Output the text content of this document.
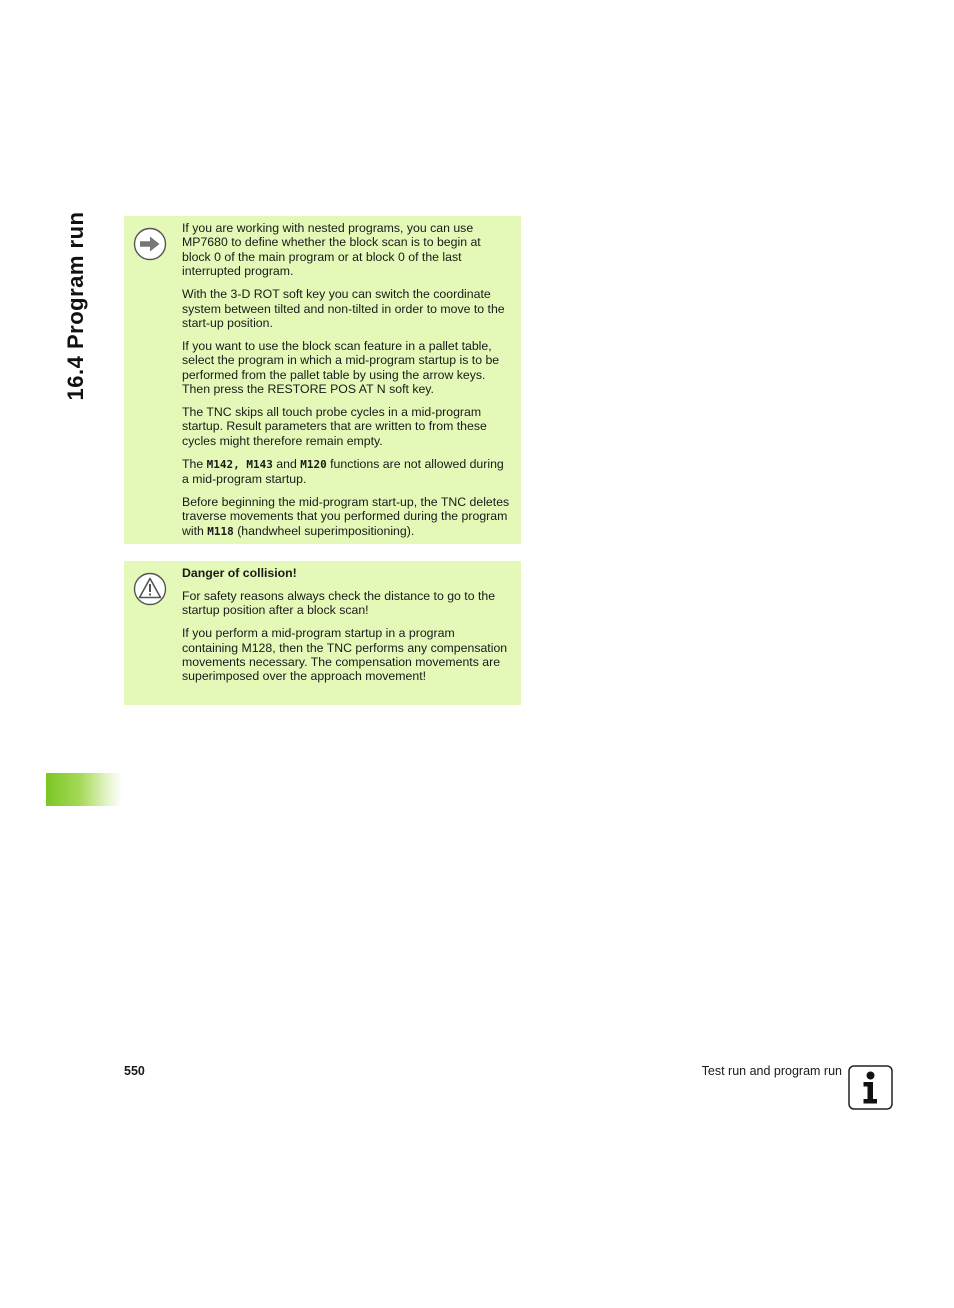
16.4 Program run	If you are working with nested programs, you can use MP7680 to define whether the block scan is to begin at block 0 of the main program or at block 0 of the last interrupted program.

With the 3-D ROT soft key you can switch the coordinate system between tilted and non-tilted in order to move to the start-up position.

If you want to use the block scan feature in a pallet table, select the program in which a mid-program startup is to be performed from the pallet table by using the arrow keys. Then press the RESTORE POS AT N soft key.

The TNC skips all touch probe cycles in a mid-program startup. Result parameters that are written to from these cycles might therefore remain empty.

The M142, M143 and M120 functions are not allowed during a mid-program startup.

Before beginning the mid-program start-up, the TNC deletes traverse movements that you performed during the program with M118 (handwheel superimpositioning).

Danger of collision!

For safety reasons always check the distance to go to the startup position after a block scan!

If you perform a mid-program startup in a program containing M128, then the TNC performs any compensation movements necessary. The compensation movements are superimposed over the approach movement!

550	Test run and program run
